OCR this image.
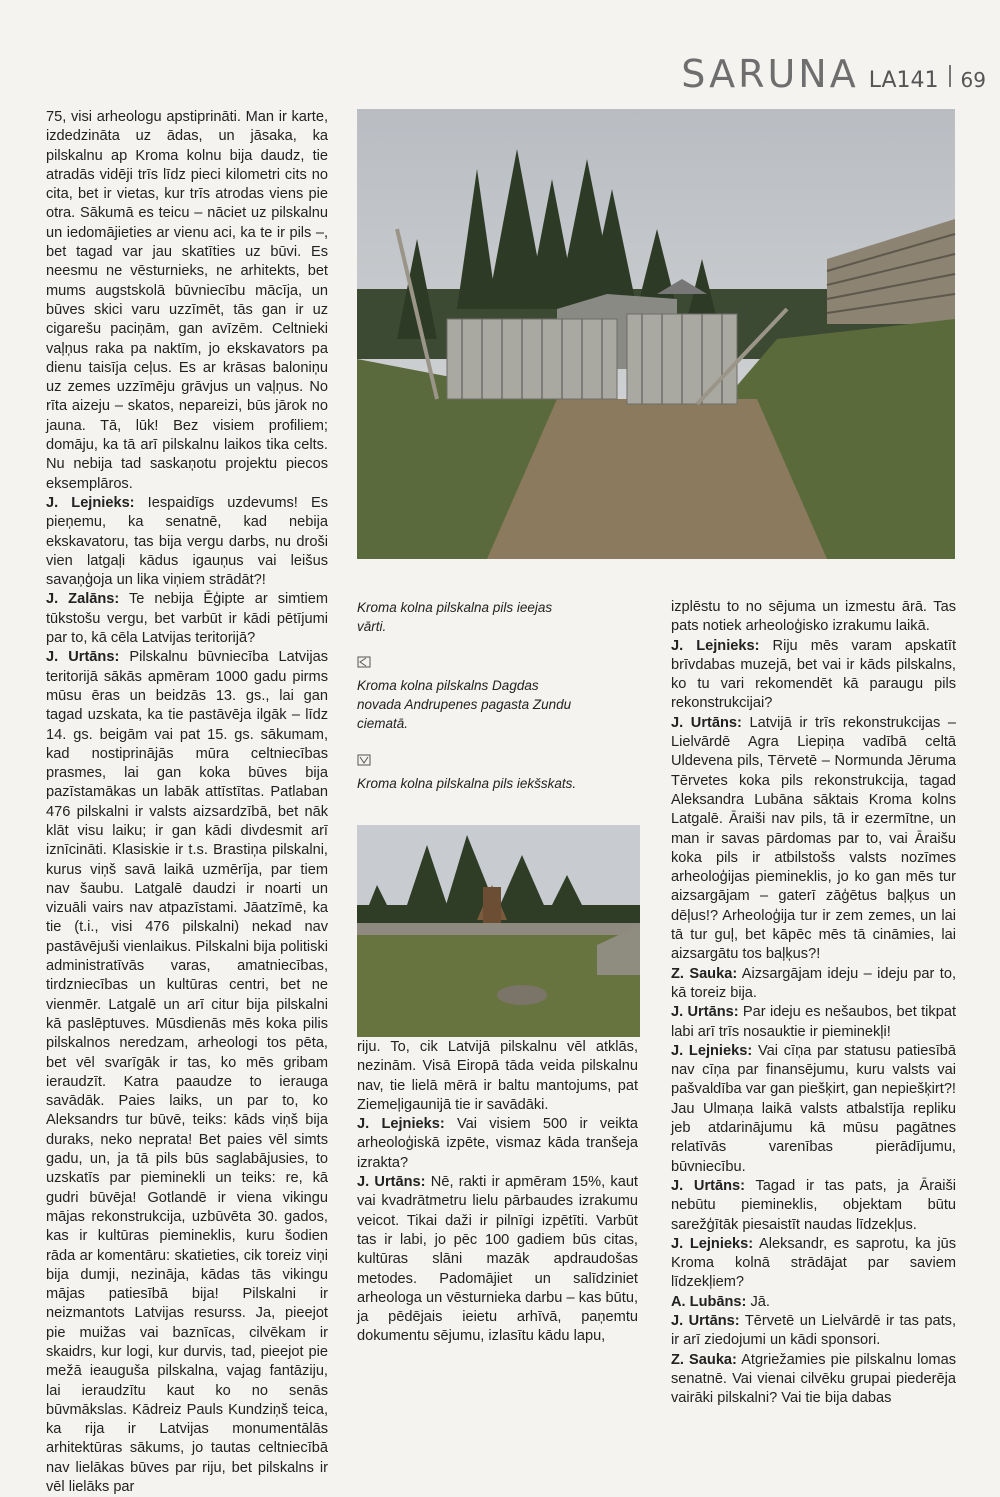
SARUNA LA141 69

75, visi arheologu apstiprināti. Man ir karte, izdedzināta uz ādas, un jāsaka, ka pilskalnu ap Kroma kolnu bija daudz, tie atradās vidēji trīs līdz pieci kilometri cits no cita, bet ir vietas, kur trīs atrodas viens pie otra. Sākumā es teicu – nāciet uz pilskalnu un iedomājieties ar vienu aci, ka te ir pils –, bet tagad var jau skatīties uz būvi. Es neesmu ne vēsturnieks, ne arhitekts, bet mums augstskolā būvniecību mācīja, un būves skici varu uzzīmēt, tās gan ir uz cigarešu paciņām, gan avīzēm. Celtnieki vaļņus raka pa naktīm, jo ekskavators pa dienu taisīja ceļus. Es ar krāsas baloniņu uz zemes uzzīmēju grāvjus un vaļņus. No rīta aizeju – skatos, nepareizi, būs jārok no jauna. Tā, lūk! Bez visiem profiliem; domāju, ka tā arī pilskalnu laikos tika celts. Nu nebija tad saskaņotu projektu piecos eksemplāros.

J. Lejnieks: Iespaidīgs uzdevums! Es pieņemu, ka senatnē, kad nebija ekskavatoru, tas bija vergu darbs, nu droši vien latgaļi kādus igauņus vai leišus savaņģoja un lika viņiem strādāt?!

J. Zalāns: Te nebija Ēģipte ar simtiem tūkstošu vergu, bet varbūt ir kādi pētījumi par to, kā cēla Latvijas teritorijā?

J. Urtāns: Pilskalnu būvniecība Latvijas teritorijā sākās apmēram 1000 gadu pirms mūsu ēras un beidzās 13. gs., lai gan tagad uzskata, ka tie pastāvēja ilgāk – līdz 14. gs. beigām vai pat 15. gs. sākumam, kad nostiprinājās mūra celtniecības prasmes, lai gan koka būves bija pazīstamākas un labāk attīstītas. Patlaban 476 pilskalni ir valsts aizsardzībā, bet nāk klāt visu laiku; ir gan kādi divdesmit arī iznīcināti. Klasiskie ir t.s. Brastiņa pilskalni, kurus viņš savā laikā uzmērīja, par tiem nav šaubu. Latgalē daudzi ir noarti un vizuāli vairs nav atpazīstami. Jāatzīmē, ka tie (t.i., visi 476 pilskalni) nekad nav pastāvējuši vienlaikus. Pilskalni bija politiski administratīvās varas, amatniecības, tirdzniecības un kultūras centri, bet ne vienmēr. Latgalē un arī citur bija pilskalni kā paslēptuves. Mūsdienās mēs koka pilis pilskalnos neredzam, arheologi tos pēta, bet vēl svarīgāk ir tas, ko mēs gribam ieraudzīt. Katra paaudze to ierauga savādāk. Paies laiks, un par to, ko Aleksandrs tur būvē, teiks: kāds viņš bija duraks, neko neprata! Bet paies vēl simts gadu, un, ja tā pils būs saglabājusies, to uzskatīs par pieminekli un teiks: re, kā gudri būvēja! Gotlandē ir viena vikingu mājas rekonstrukcija, uzbūvēta 30. gados, kas ir kultūras piemineklis, kuru šodien rāda ar komentāru: skatieties, cik toreiz viņi bija dumji, nezināja, kādas tās vikingu mājas patiesībā bija! Pilskalni ir neizmantots Latvijas resurss. Ja, pieejot pie muižas vai baznīcas, cilvēkam ir skaidrs, kur logi, kur durvis, tad, pieejot pie mežā ieauguša pilskalna, vajag fantāziju, lai ieraudzītu kaut ko no senās būvmākslas. Kādreiz Pauls Kundziņš teica, ka rija ir Latvijas monumentālās arhitektūras sākums, jo tautas celtniecībā nav lielākas būves par riju, bet pilskalns ir vēl lielāks par

Kroma kolna pilskalna pils ieejas vārti.
Kroma kolna pilskalns Dagdas novada Andrupenes pagasta Zundu ciematā.
Kroma kolna pilskalna pils iekšskats.

riju. To, cik Latvijā pilskalnu vēl atklās, nezinām. Visā Eiropā tāda veida pilskalnu nav, tie lielā mērā ir baltu mantojums, pat Ziemeļigaunijā tie ir savādāki.

J. Lejnieks: Vai visiem 500 ir veikta arheoloģiskā izpēte, vismaz kāda tranšeja izrakta?

J. Urtāns: Nē, rakti ir apmēram 15%, kaut vai kvadrātmetru lielu pārbaudes izrakumu veicot. Tikai daži ir pilnīgi izpētīti. Varbūt tas ir labi, jo pēc 100 gadiem būs citas, kultūras slāni mazāk apdraudošas metodes. Padomājiet un salīdziniet arheologa un vēsturnieka darbu – kas būtu, ja pēdējais ieietu arhīvā, paņemtu dokumentu sējumu, izlasītu kādu lapu,

izplēstu to no sējuma un izmestu ārā. Tas pats notiek arheoloģisko izrakumu laikā.

J. Lejnieks: Riju mēs varam apskatīt brīvdabas muzejā, bet vai ir kāds pilskalns, ko tu vari rekomendēt kā paraugu pils rekonstrukcijai?

J. Urtāns: Latvijā ir trīs rekonstrukcijas – Lielvārdē Agra Liepiņa vadībā celtā Uldevena pils, Tērvetē – Normunda Jēruma Tērvetes koka pils rekonstrukcija, tagad Aleksandra Lubāna sāktais Kroma kolns Latgalē. Āraiši nav pils, tā ir ezermītne, un man ir savas pārdomas par to, vai Āraišu koka pils ir atbilstošs valsts nozīmes arheoloģijas piemineklis, jo ko gan mēs tur aizsargājam – gaterī zāģētus baļķus un dēļus!? Arheoloģija tur ir zem zemes, un lai tā tur guļ, bet kāpēc mēs tā cināmies, lai aizsargātu tos baļķus?!

Z. Sauka: Aizsargājam ideju – ideju par to, kā toreiz bija.

J. Urtāns: Par ideju es nešaubos, bet tikpat labi arī trīs nosauktie ir pieminekļi!

J. Lejnieks: Vai cīņa par statusu patiesībā nav cīņa par finansējumu, kuru valsts vai pašvaldība var gan piešķirt, gan nepiešķirt?! Jau Ulmaņa laikā valsts atbalstīja repliku jeb atdarinājumu kā mūsu pagātnes relatīvās varenības pierādījumu, būvniecību.

J. Urtāns: Tagad ir tas pats, ja Āraiši nebūtu piemineklis, objektam būtu sarežģītāk piesaistīt naudas līdzekļus.

J. Lejnieks: Aleksandr, es saprotu, ka jūs Kroma kolnā strādājat par saviem līdzekļiem?

A. Lubāns: Jā.

J. Urtāns: Tērvetē un Lielvārdē ir tas pats, ir arī ziedojumi un kādi sponsori.

Z. Sauka: Atgriežamies pie pilskalnu lomas senatnē. Vai vienai cilvēku grupai piederēja vairāki pilskalni? Vai tie bija dabas
